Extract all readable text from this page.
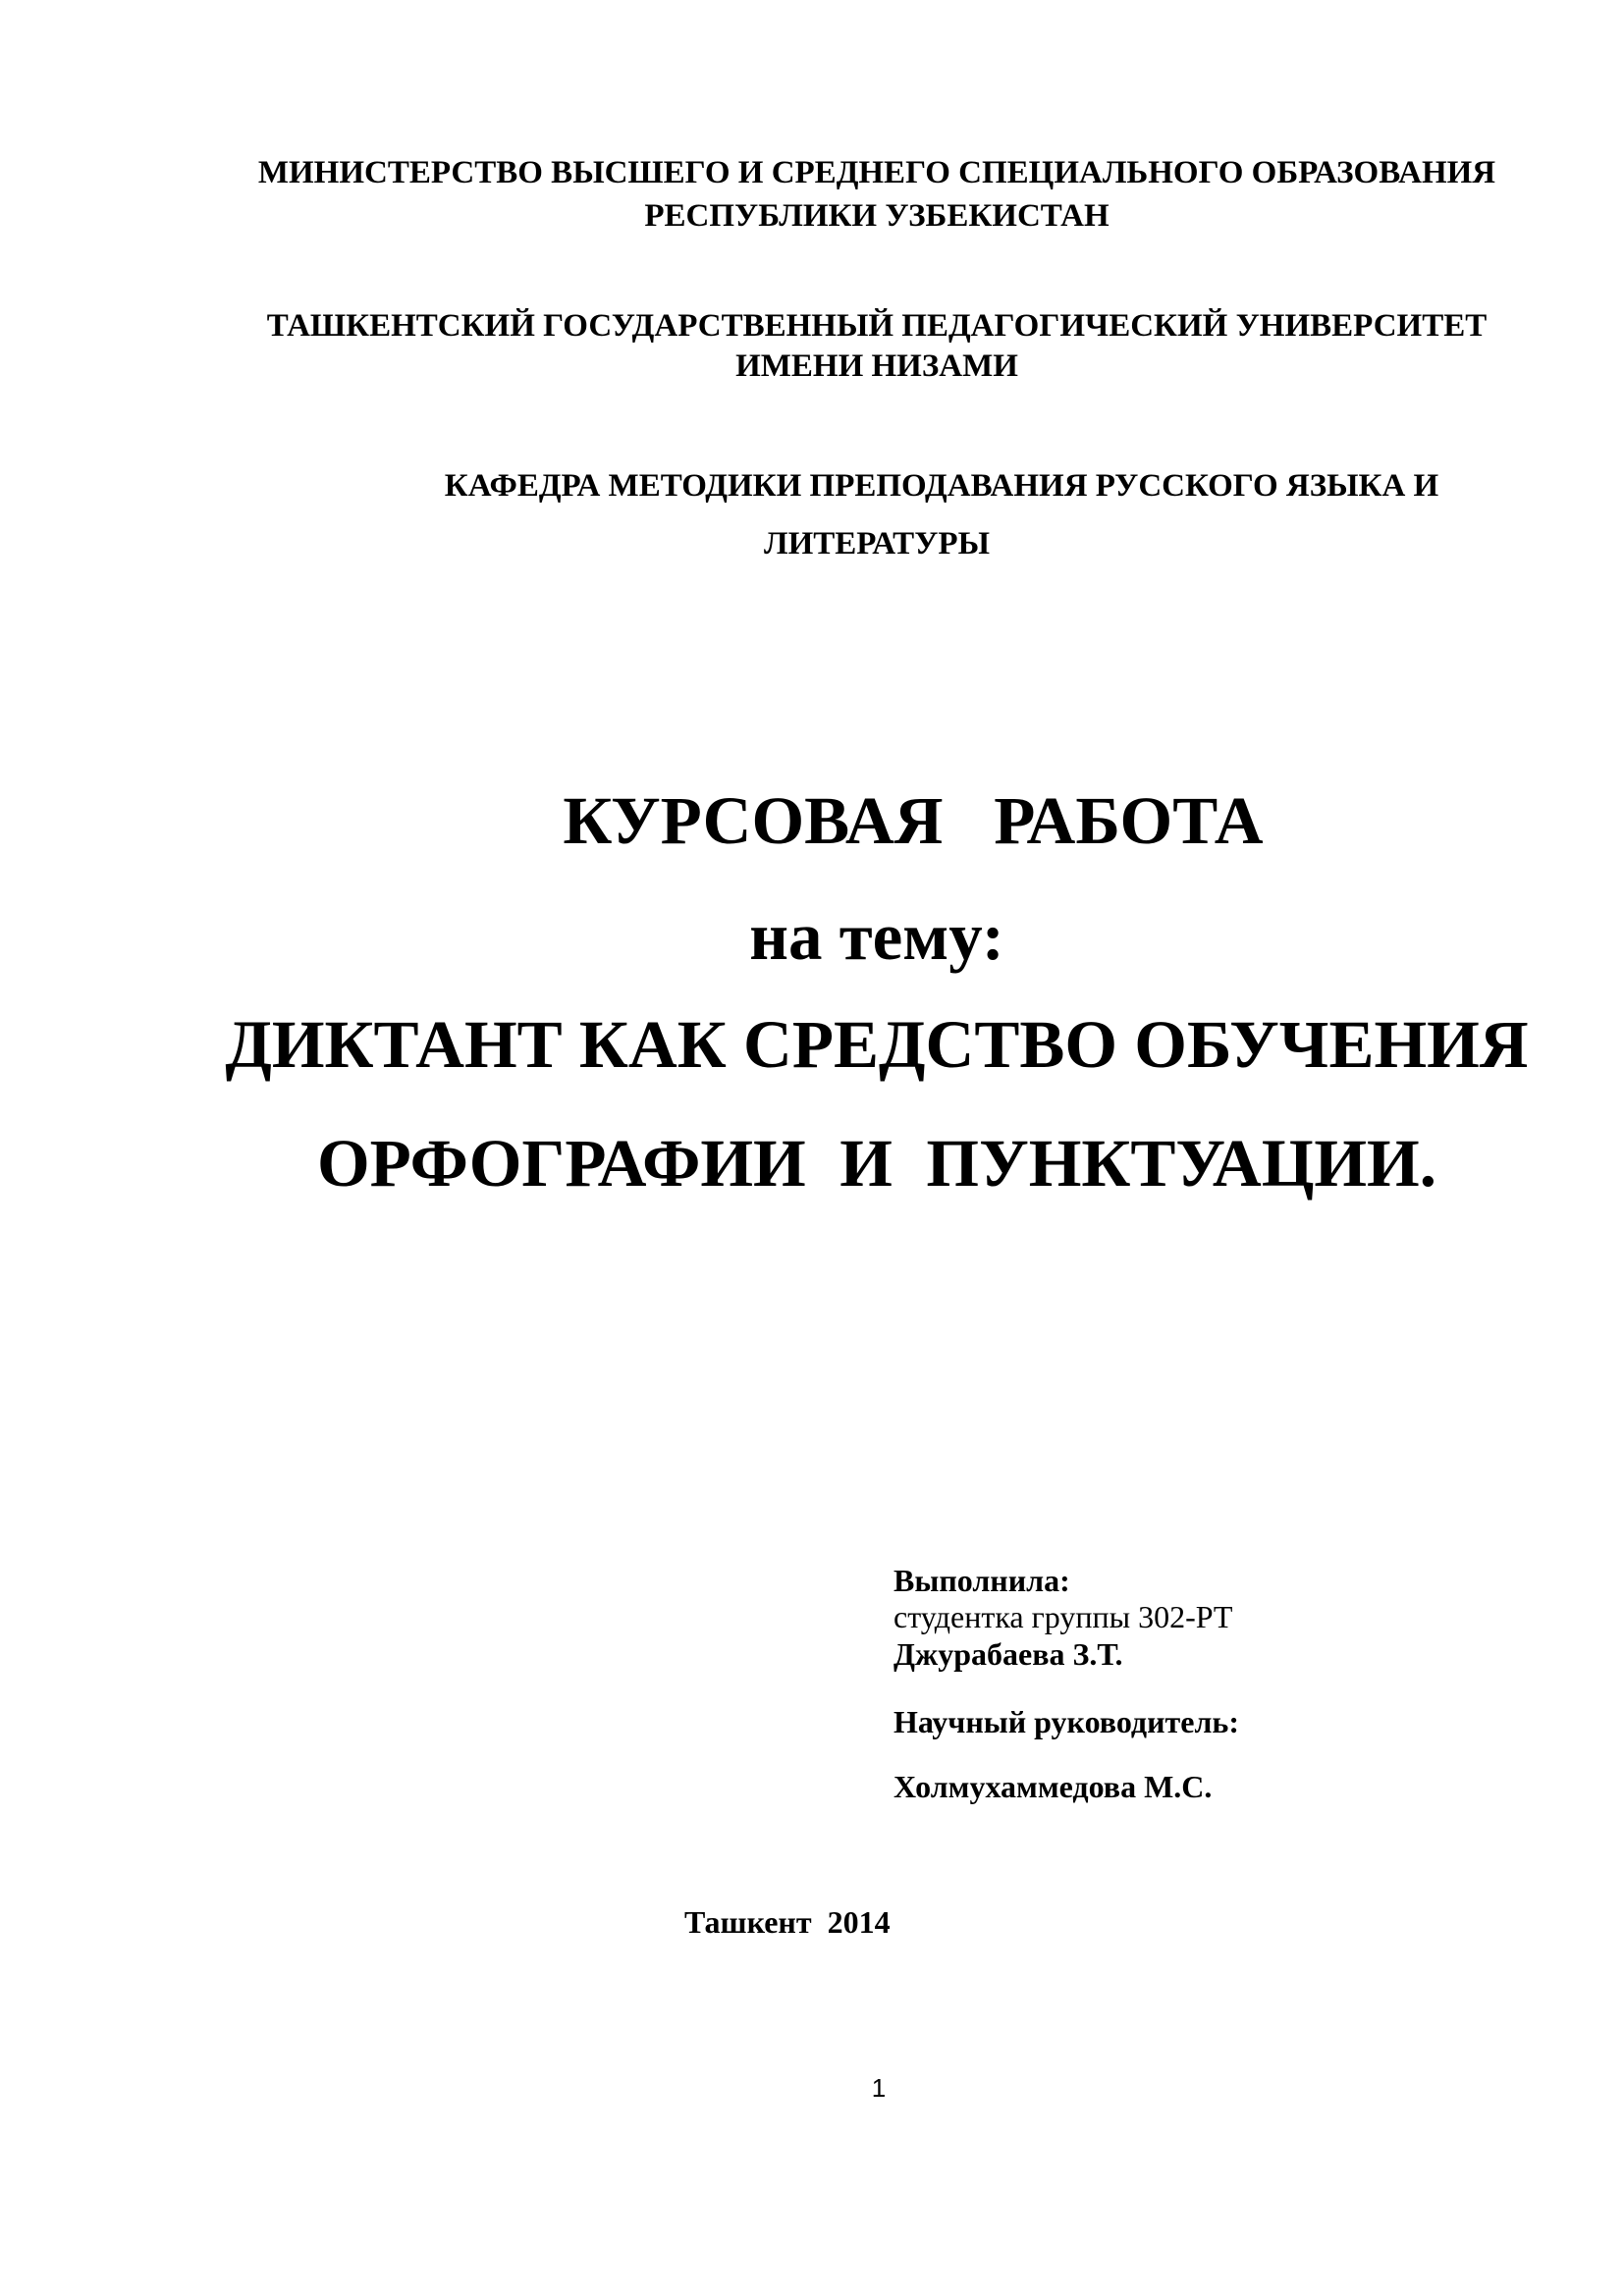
МИНИСТЕРСТВО ВЫСШЕГО И СРЕДНЕГО СПЕЦИАЛЬНОГО ОБРАЗОВАНИЯ
РЕСПУБЛИКИ УЗБЕКИСТАН
ТАШКЕНТСКИЙ ГОСУДАРСТВЕННЫЙ ПЕДАГОГИЧЕСКИЙ УНИВЕРСИТЕТ
ИМЕНИ НИЗАМИ
КАФЕДРА МЕТОДИКИ ПРЕПОДАВАНИЯ РУССКОГО ЯЗЫКА И
ЛИТЕРАТУРЫ
КУРСОВАЯ   РАБОТА
на тему:
ДИКТАНТ КАК СРЕДСТВО ОБУЧЕНИЯ
ОРФОГРАФИИ  И  ПУНКТУАЦИИ.
Выполнила:
студентка группы 302-РТ
Джурабаева З.Т.
Научный руководитель:
Холмухаммедова М.С.
Ташкент  2014
1
